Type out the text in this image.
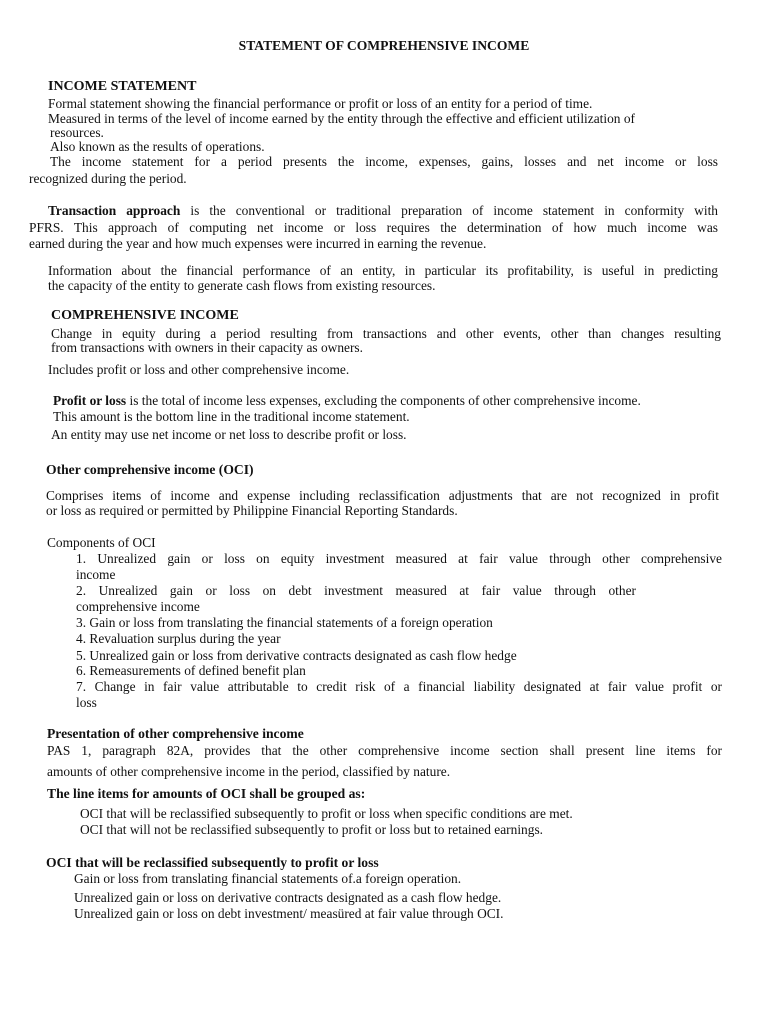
STATEMENT OF COMPREHENSIVE INCOME
INCOME STATEMENT
Formal statement showing the financial performance or profit or loss of an entity for a period of time.
Measured in terms of the level of income earned by the entity through the effective and efficient utilization of
resources.
Also known as the results of operations.
The income statement for a period presents the income, expenses, gains, losses and net income or loss
recognized during the period.
Transaction approach is the conventional or traditional preparation of income statement in conformity with
PFRS. This approach of computing net income or loss requires the determination of how much income was
earned during the year and how much expenses were incurred in earning the revenue.
Information about the financial performance of an entity, in particular its profitability, is useful in predicting
the capacity of the entity to generate cash flows from existing resources.
COMPREHENSIVE INCOME
Change in equity during a period resulting from transactions and other events, other than changes resulting
from transactions with owners in their capacity as owners.
Includes profit or loss and other comprehensive income.
Profit or loss is the total of income less expenses, excluding the components of other comprehensive income.
This amount is the bottom line in the traditional income statement.
An entity may use net income or net loss to describe profit or loss.
Other comprehensive income (OCI)
Comprises items of income and expense including reclassification adjustments that are not recognized in profit
or loss as required or permitted by Philippine Financial Reporting Standards.
Components of OCI
1. Unrealized gain or loss on equity investment measured at fair value through other comprehensive
income
2. Unrealized gain or loss on debt investment measured at fair value through other
comprehensive income
3. Gain or loss from translating the financial statements of a foreign operation
4. Revaluation surplus during the year
5. Unrealized gain or loss from derivative contracts designated as cash flow hedge
6. Remeasurements of defined benefit plan
7. Change in fair value attributable to credit risk of a financial liability designated at fair value profit or
loss
Presentation of other comprehensive income
PAS 1, paragraph 82A, provides that the other comprehensive income section shall present line items for
amounts of other comprehensive income in the period, classified by nature.
The line items for amounts of OCI shall be grouped as:
OCI that will be reclassified subsequently to profit or loss when specific conditions are met.
OCI that will not be reclassified subsequently to profit or loss but to retained earnings.
OCI that will be reclassified subsequently to profit or loss
Gain or loss from translating financial statements of.a foreign operation.
Unrealized gain or loss on derivative contracts designated as a cash flow hedge.
Unrealized gain or loss on debt investment/ measüred at fair value through OCI.
